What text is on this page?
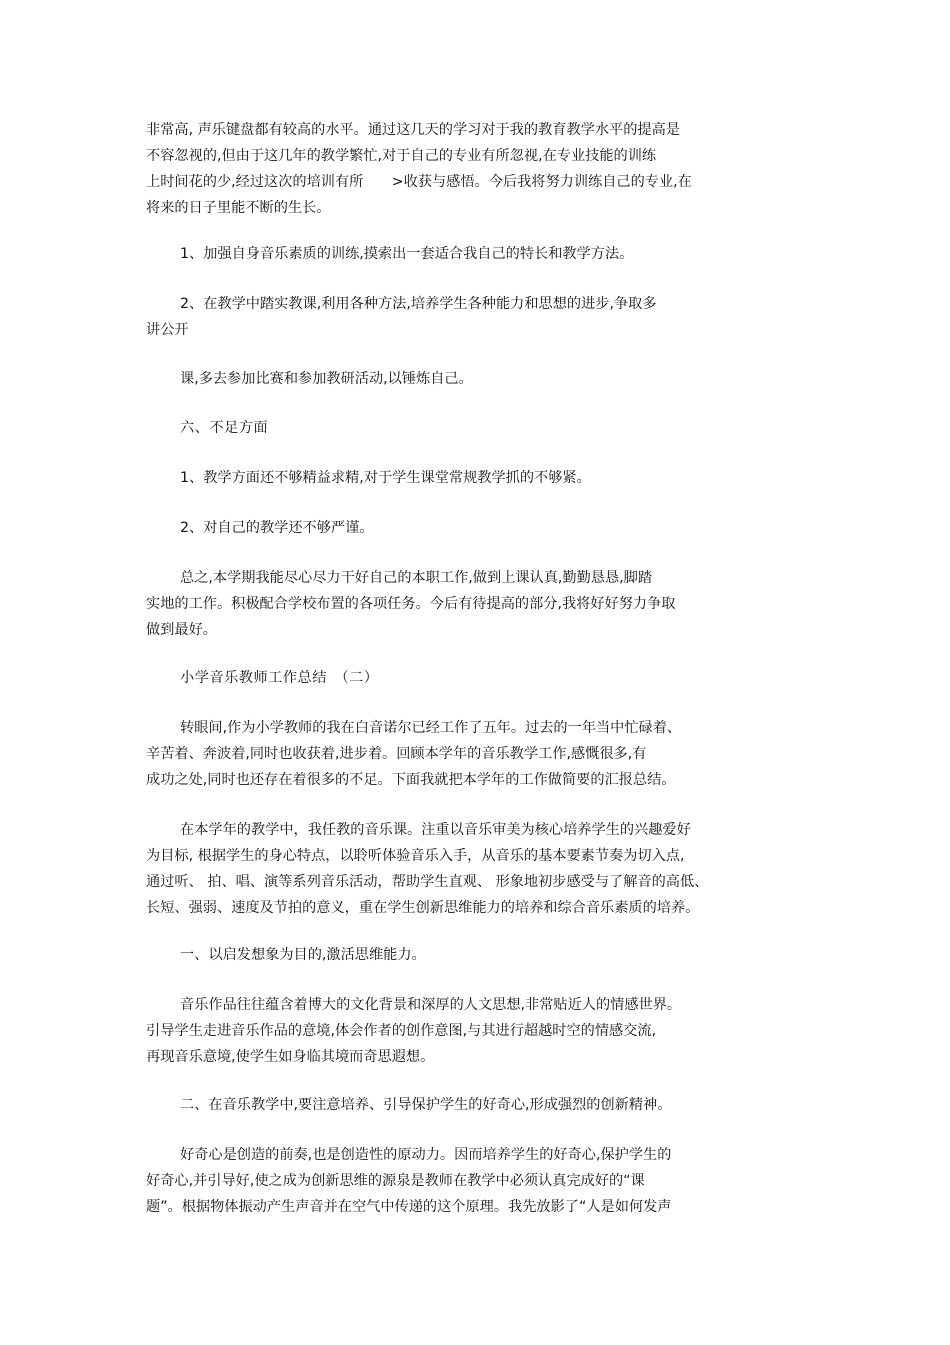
非常高, 声乐键盘都有较高的水平。通过这几天的学习对于我的教育教学水平的提高是
不容忽视的,但由于这几年的教学繁忙,对于自己的专业有所忽视,在专业技能的训练
上时间花的少,经过这次的培训有所　　>收获与感悟。今后我将努力训练自己的专业,在
将来的日子里能不断的生长。
1、加强自身音乐素质的训练,摸索出一套适合我自己的特长和教学方法。
2、在教学中踏实教课,利用各种方法,培养学生各种能力和思想的进步,争取多
讲公开
课,多去参加比赛和参加教研活动,以锤炼自己。
六、不足方面
1、教学方面还不够精益求精,对于学生课堂常规教学抓的不够紧。
2、对自己的教学还不够严谨。
总之,本学期我能尽心尽力干好自己的本职工作,做到上课认真,勤勤恳恳,脚踏
实地的工作。积极配合学校布置的各项任务。今后有待提高的部分,我将好好努力争取
做到最好。
小学音乐教师工作总结　（二）
转眼间,作为小学教师的我在白音诺尔已经工作了五年。过去的一年当中忙碌着、
辛苦着、奔波着,同时也收获着,进步着。回顾本学年的音乐教学工作,感慨很多,有
成功之处,同时也还存在着很多的不足。下面我就把本学年的工作做简要的汇报总结。
在本学年的教学中，我任教的音乐课。注重以音乐审美为核心培养学生的兴趣爱好
为目标, 根据学生的身心特点，以聆听体验音乐入手，从音乐的基本要素节奏为切入点,
通过听、 拍、唱、演等系列音乐活动，帮助学生直观、 形象地初步感受与了解音的高低、
长短、强弱、速度及节拍的意义，重在学生创新思维能力的培养和综合音乐素质的培养。
一、以启发想象为目的,激活思维能力。
音乐作品往往蕴含着博大的文化背景和深厚的人文思想,非常贴近人的情感世界。
引导学生走进音乐作品的意境,体会作者的创作意图,与其进行超越时空的情感交流,
再现音乐意境,使学生如身临其境而奇思遐想。
二、在音乐教学中,要注意培养、引导保护学生的好奇心,形成强烈的创新精神。
好奇心是创造的前奏,也是创造性的原动力。因而培养学生的好奇心,保护学生的
好奇心,并引导好,使之成为创新思维的源泉是教师在教学中必须认真完成好的“课
题”。根据物体振动产生声音并在空气中传递的这个原理。我先放影了“人是如何发声
